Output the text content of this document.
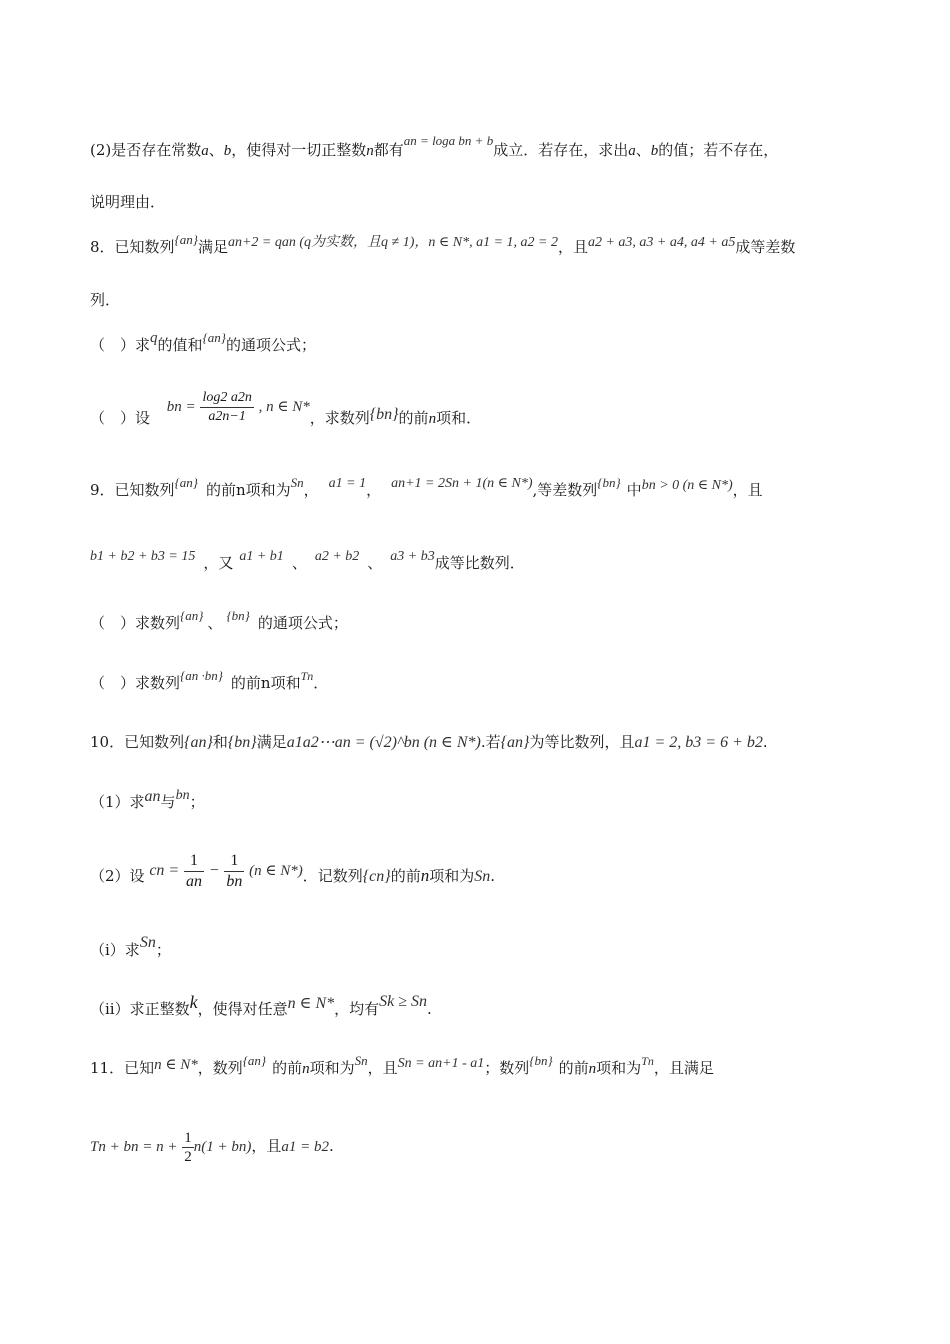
(2)是否存在常数a、b，使得对一切正整数n都有an = loga bn + b成立．若存在，求出a、b的值；若不存在，
说明理由．
8．已知数列{an}满足an+2 = qan (q为实数，且q ≠ 1)，n ∈ N*, a1 = 1, a2 = 2，且a2 + a3, a3 + a4, a4 + a5成等差数
列．
（　）求q的值和{an}的通项公式；
（　）设 bn = $\frac{\log 2 a2n}{a2n-1}$ , n ∈ N*，求数列{bn}的前n项和．
9．已知数列{an} 的前n项和为Sn， a1 = 1， an+1 = 2Sn + 1(n ∈ N*),等差数列{bn} 中bn > 0 (n ∈ N*)，且
b1 + b2 + b3 = 15 ，又 a1 + b1 、 a2 + b2 、 a3 + b3成等比数列．
（　）求数列{an} 、 {bn} 的通项公式；
（　）求数列{an ·bn} 的前n项和$^{Tn}$．
10．已知数列{an}和{bn}满足a1a2⋯an = (√2)^bn (n ∈ N*).若{an}为等比数列，且a1 = 2, b3 = 6 + b2.
（1）求an与bn；
（2）设 cn = $\frac{1}{an} - \frac{1}{bn} (n$ ∈ N*)．记数列{cn}的前n项和为Sn.
（i）求Sn；
（ii）求正整数k，使得对任意n ∈ N*，均有Sk ≥ Sn.
11．已知n ∈ N*，数列{an} 的前n项和为Sn，且Sn = an+1 - a1；数列{bn} 的前n项和为$^{Tn}$，且满足
Tn + bn = $n + \frac{1}{2} n(1 + bn)$，且a1 = b2.
